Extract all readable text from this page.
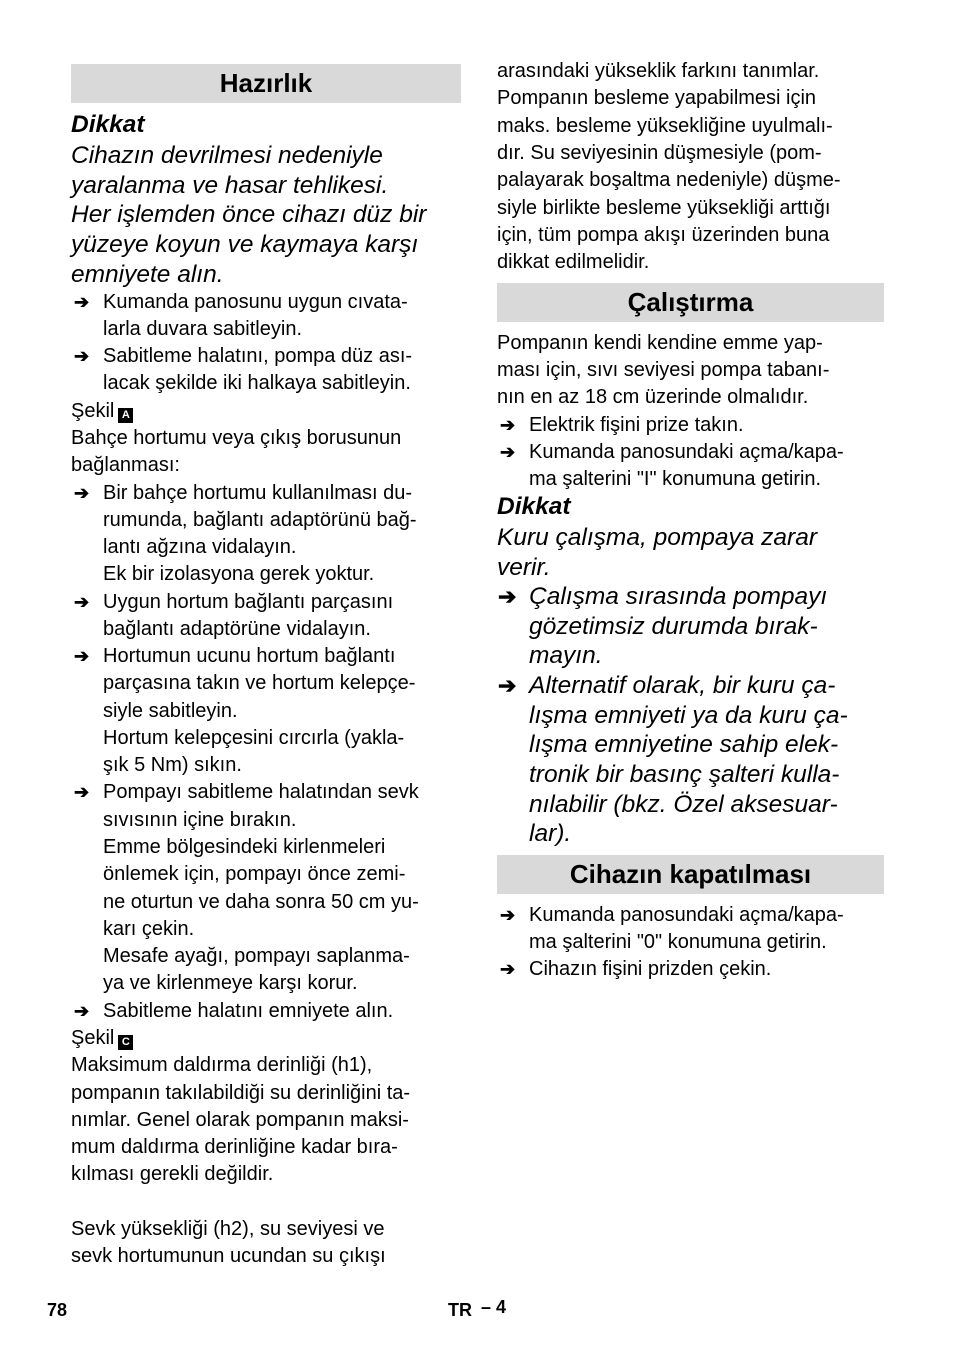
Hazırlık
Dikkat
Cihazın devrilmesi nedeniyle
yaralanma ve hasar tehlikesi.
Her işlemden önce cihazı düz bir
yüzeye koyun ve kaymaya karşı
emniyete alın.
➔ Kumanda panosunu uygun cıvata-
larla duvara sabitleyin.
➔ Sabitleme halatını, pompa düz ası-
lacak şekilde iki halkaya sabitleyin.
Şekil A
Bahçe hortumu veya çıkış borusunun
bağlanması:
➔ Bir bahçe hortumu kullanılması du-
rumunda, bağlantı adaptörünü bağ-
lantı ağzına vidalayın.
Ek bir izolasyona gerek yoktur.
➔ Uygun hortum bağlantı parçasını
bağlantı adaptörüne vidalayın.
➔ Hortumun ucunu hortum bağlantı
parçasına takın ve hortum kelepçe-
siyle sabitleyin.
Hortum kelepçesini cırcırla (yakla-
şık 5 Nm) sıkın.
➔ Pompayı sabitleme halatından sevk
sıvısının içine bırakın.
Emme bölgesindeki kirlenmeleri
önlemek için, pompayı önce zemi-
ne oturtun ve daha sonra 50 cm yu-
karı çekin.
Mesafe ayağı, pompayı saplanma-
ya ve kirlenmeye karşı korur.
➔ Sabitleme halatını emniyete alın.
Şekil C
Maksimum daldırma derinliği (h1),
pompanın takılabildiği su derinliğini ta-
nımlar. Genel olarak pompanın maksi-
mum daldırma derinliğine kadar bıra-
kılması gerekli değildir.
Sevk yüksekliği (h2), su seviyesi ve
sevk hortumunun ucundan su çıkışı
arasındaki yükseklik farkını tanımlar.
Pompanın besleme yapabilmesi için
maks. besleme yüksekliğine uyulmalı-
dır. Su seviyesinin düşmesiyle (pom-
palayarak boşaltma nedeniyle) düşme-
siyle birlikte besleme yüksekliği arttığı
için, tüm pompa akışı üzerinden buna
dikkat edilmelidir.
Çalıştırma
Pompanın kendi kendine emme yap-
ması için, sıvı seviyesi pompa tabanı-
nın en az 18 cm üzerinde olmalıdır.
➔ Elektrik fişini prize takın.
➔ Kumanda panosundaki açma/kapa-
ma şalterini "I" konumuna getirin.
Dikkat
Kuru çalışma, pompaya zarar
verir.
➔ Çalışma sırasında pompayı
gözetimsiz durumda bırak-
mayın.
➔ Alternatif olarak, bir kuru ça-
lışma emniyeti ya da kuru ça-
lışma emniyetine sahip elek-
tronik bir basınç şalteri kulla-
nılabilir (bkz. Özel aksesuar-
lar).
Cihazın kapatılması
➔ Kumanda panosundaki açma/kapa-
ma şalterini "0" konumuna getirin.
➔ Cihazın fişini prizden çekin.
78	TR – 4
